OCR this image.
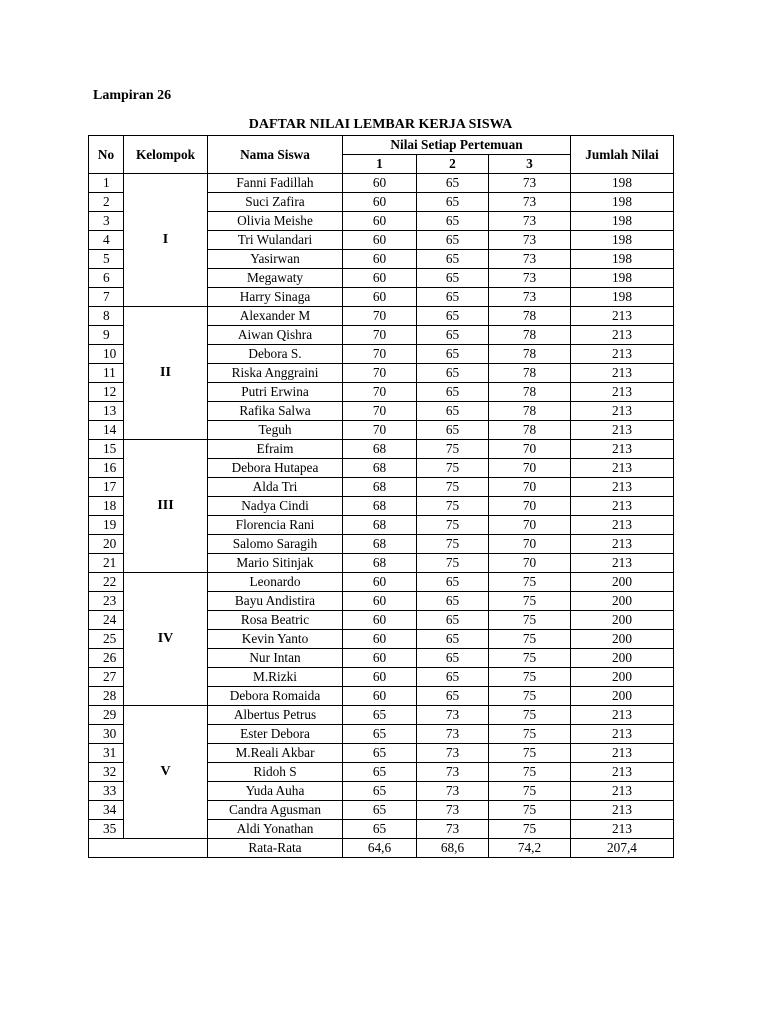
Lampiran 26
DAFTAR NILAI LEMBAR KERJA SISWA
No	Kelompok	Nama Siswa	Nilai Setiap Pertemuan			Jumlah Nilai
			1	2	3	
1	I	Fanni Fadillah	60	65	73	198
2		Suci Zafira	60	65	73	198
3		Olivia Meishe	60	65	73	198
4		Tri Wulandari	60	65	73	198
5		Yasirwan	60	65	73	198
6		Megawaty	60	65	73	198
7		Harry Sinaga	60	65	73	198
8	II	Alexander M	70	65	78	213
9		Aiwan Qishra	70	65	78	213
10		Debora S.	70	65	78	213
11		Riska Anggraini	70	65	78	213
12		Putri Erwina	70	65	78	213
13		Rafika Salwa	70	65	78	213
14		Teguh	70	65	78	213
15	III	Efraim	68	75	70	213
16		Debora Hutapea	68	75	70	213
17		Alda Tri	68	75	70	213
18		Nadya Cindi	68	75	70	213
19		Florencia Rani	68	75	70	213
20		Salomo Saragih	68	75	70	213
21		Mario Sitinjak	68	75	70	213
22	IV	Leonardo	60	65	75	200
23		Bayu Andistira	60	65	75	200
24		Rosa Beatric	60	65	75	200
25		Kevin Yanto	60	65	75	200
26		Nur Intan	60	65	75	200
27		M.Rizki	60	65	75	200
28		Debora Romaida	60	65	75	200
29	V	Albertus Petrus	65	73	75	213
30		Ester Debora	65	73	75	213
31		M.Reali Akbar	65	73	75	213
32		Ridoh S	65	73	75	213
33		Yuda Auha	65	73	75	213
34		Candra Agusman	65	73	75	213
35		Aldi Yonathan	65	73	75	213
		Rata-Rata	64,6	68,6	74,2	207,4
